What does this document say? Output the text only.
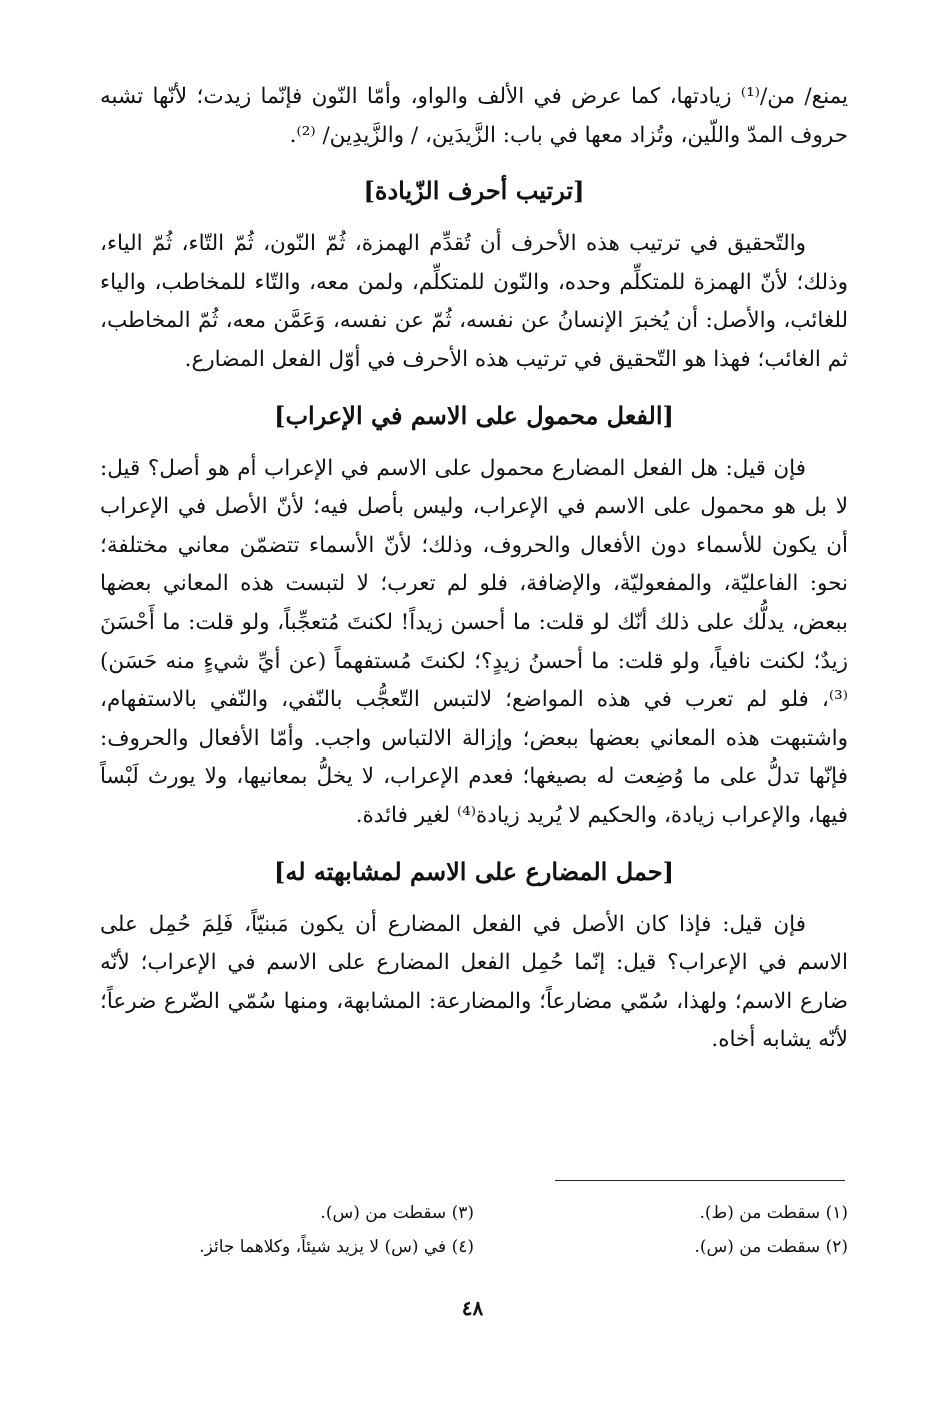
يمنع/ من/⁽¹⁾ زيادتها، كما عرض في الألف والواو، وأمّا النّون فإنّما زيدت؛ لأنّها تشبه حروف المدّ واللّين، وتُزاد معها في باب: الزَّيدَين، / والزَّيدِين/ ⁽²⁾.

[ترتيب أحرف الزّيادة]

والتّحقيق في ترتيب هذه الأحرف أن تُقدِّم الهمزة، ثُمّ النّون، ثُمّ التّاء، ثُمّ الياء، وذلك؛ لأنّ الهمزة للمتكلِّم وحده، والنّون للمتكلِّم، ولمن معه، والتّاء للمخاطب، والياء للغائب، والأصل: أن يُخبرَ الإنسانُ عن نفسه، ثُمّ عن نفسه، وَعَمَّن معه، ثُمّ المخاطب، ثم الغائب؛ فهذا هو التّحقيق في ترتيب هذه الأحرف في أوّل الفعل المضارع.

[الفعل محمول على الاسم في الإعراب]

فإن قيل: هل الفعل المضارع محمول على الاسم في الإعراب أم هو أصل؟ قيل: لا بل هو محمول على الاسم في الإعراب، وليس بأصل فيه؛ لأنّ الأصل في الإعراب أن يكون للأسماء دون الأفعال والحروف، وذلك؛ لأنّ الأسماء تتضمّن معاني مختلفة؛ نحو: الفاعليّة، والمفعوليّة، والإضافة، فلو لم تعرب؛ لا لتبست هذه المعاني بعضها ببعض، يدلُّك على ذلك أنّك لو قلت: ما أحسن زيداً! لكنتَ مُتعجِّباً، ولو قلت: ما أَحْسَنَ زيدٌ؛ لكنت نافياً، ولو قلت: ما أحسنُ زيدٍ؟؛ لكنتَ مُستفهماً (عن أيِّ شيءٍ منه حَسَن)⁽³⁾، فلو لم تعرب في هذه المواضع؛ لالتبس التّعجُّب بالنّفي، والنّفي بالاستفهام، واشتبهت هذه المعاني بعضها ببعض؛ وإزالة الالتباس واجب. وأمّا الأفعال والحروف: فإنّها تدلُّ على ما وُضِعت له بصيغها؛ فعدم الإعراب، لا يخلُّ بمعانيها، ولا يورث لَبْساً فيها، والإعراب زيادة، والحكيم لا يُريد زيادة⁽⁴⁾ لغير فائدة.

[حمل المضارع على الاسم لمشابهته له]

فإن قيل: فإذا كان الأصل في الفعل المضارع أن يكون مَبنيّاً، فَلِمَ حُمِل على الاسم في الإعراب؟ قيل: إنّما حُمِل الفعل المضارع على الاسم في الإعراب؛ لأنّه ضارع الاسم؛ ولهذا، سُمّي مضارعاً؛ والمضارعة: المشابهة، ومنها سُمّي الضّرع ضرعاً؛ لأنّه يشابه أخاه.

(١) سقطت من (ط).
(٣) سقطت من (س).
(٢) سقطت من (س).
(٤) في (س) لا يزيد شيئاً، وكلاهما جائز.
٤٨
